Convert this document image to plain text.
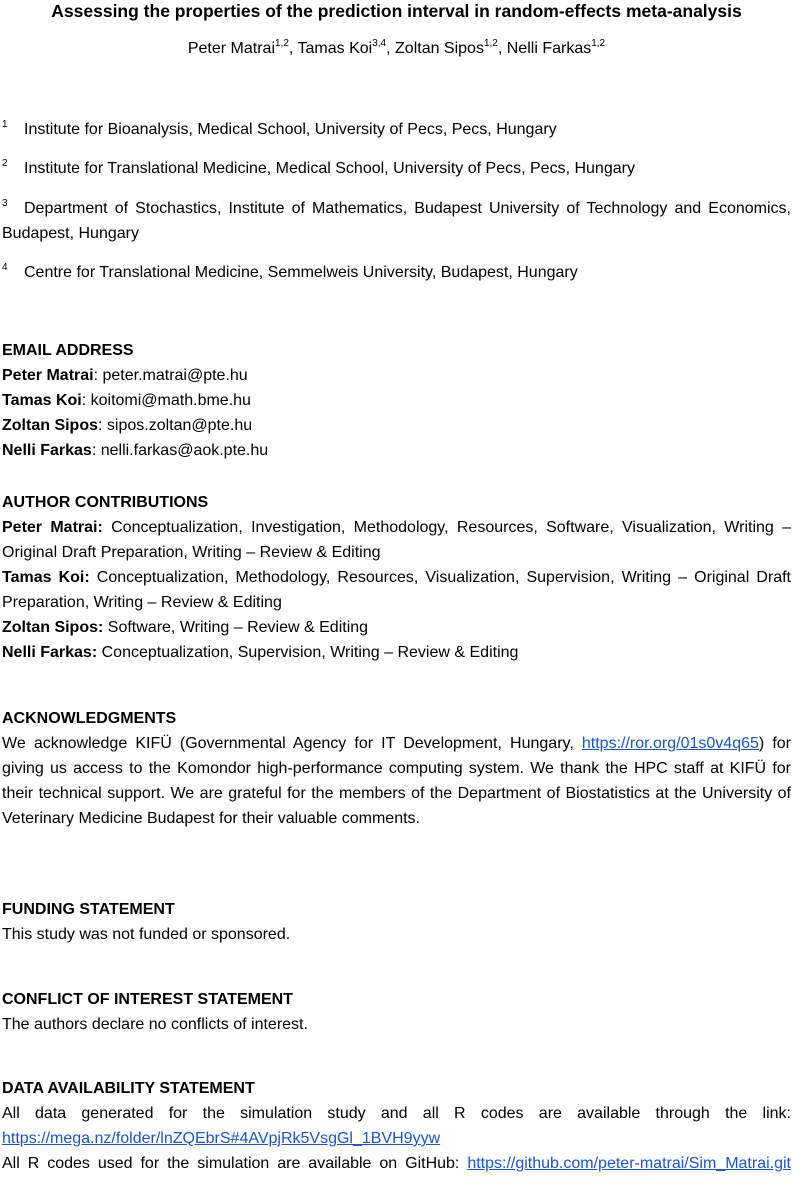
Assessing the properties of the prediction interval in random-effects meta-analysis
Peter Matrai$^{1,2}$, Tamas Koi$^{3,4}$, Zoltan Sipos$^{1,2}$, Nelli Farkas$^{1,2}$
1 Institute for Bioanalysis, Medical School, University of Pecs, Pecs, Hungary
2 Institute for Translational Medicine, Medical School, University of Pecs, Pecs, Hungary
3 Department of Stochastics, Institute of Mathematics, Budapest University of Technology and Economics, Budapest, Hungary
4 Centre for Translational Medicine, Semmelweis University, Budapest, Hungary
EMAIL ADDRESS
Peter Matrai: peter.matrai@pte.hu
Tamas Koi: koitomi@math.bme.hu
Zoltan Sipos: sipos.zoltan@pte.hu
Nelli Farkas: nelli.farkas@aok.pte.hu
AUTHOR CONTRIBUTIONS
Peter Matrai: Conceptualization, Investigation, Methodology, Resources, Software, Visualization, Writing – Original Draft Preparation, Writing – Review & Editing
Tamas Koi: Conceptualization, Methodology, Resources, Visualization, Supervision, Writing – Original Draft Preparation, Writing – Review & Editing
Zoltan Sipos: Software, Writing – Review & Editing
Nelli Farkas: Conceptualization, Supervision, Writing – Review & Editing
ACKNOWLEDGMENTS
We acknowledge KIFÜ (Governmental Agency for IT Development, Hungary, https://ror.org/01s0v4q65) for giving us access to the Komondor high-performance computing system. We thank the HPC staff at KIFÜ for their technical support. We are grateful for the members of the Department of Biostatistics at the University of Veterinary Medicine Budapest for their valuable comments.
FUNDING STATEMENT
This study was not funded or sponsored.
CONFLICT OF INTEREST STATEMENT
The authors declare no conflicts of interest.
DATA AVAILABILITY STATEMENT
All data generated for the simulation study and all R codes are available through the link:
https://mega.nz/folder/lnZQEbrS#4AVpjRk5VsgGl_1BVH9yyw
All R codes used for the simulation are available on GitHub: https://github.com/peter-matrai/Sim_Matrai.git
